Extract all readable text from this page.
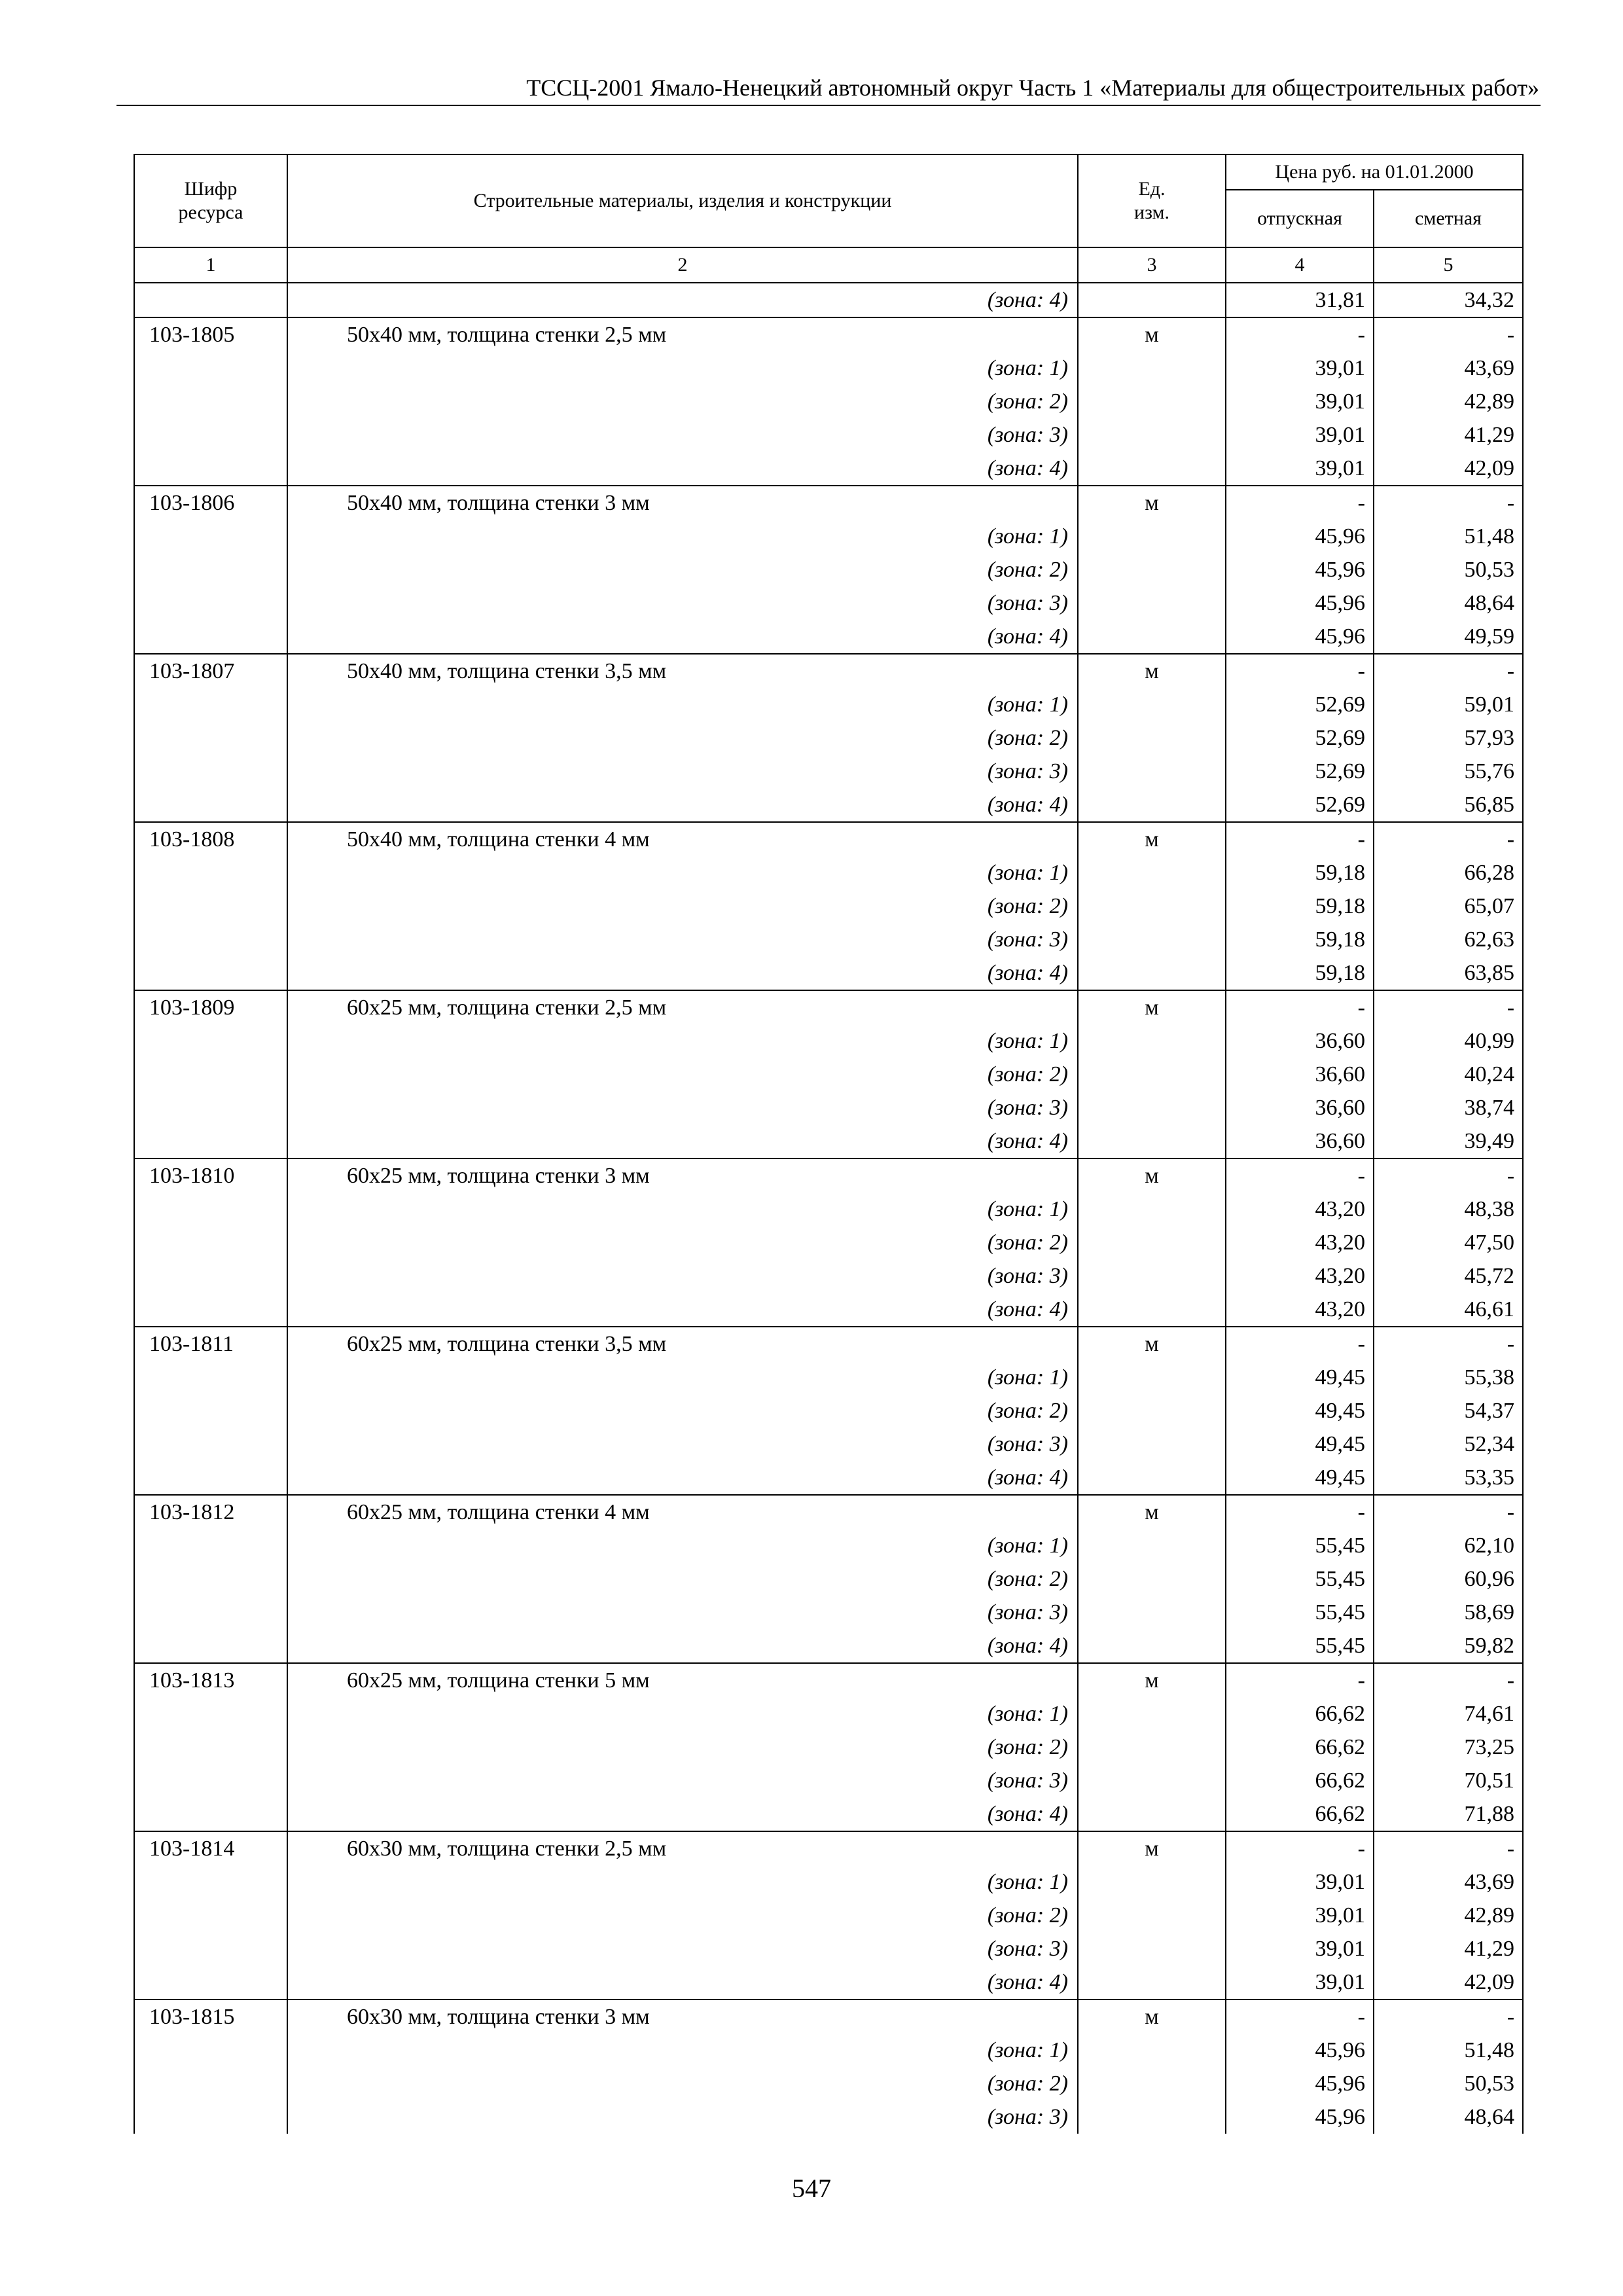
ТССЦ-2001 Ямало-Ненецкий автономный округ Часть 1 «Материалы для общестроительных работ»
Шифр ресурса	Строительные материалы, изделия и конструкции	Ед. изм.	Цена руб. на 01.01.2000	
			отпускная	сметная
1	2	3	4	5
	(зона: 4)		31,81	34,32
103-1805	50х40 мм, толщина стенки 2,5 мм	м	-	-
	(зона: 1)		39,01	43,69
	(зона: 2)		39,01	42,89
	(зона: 3)		39,01	41,29
	(зона: 4)		39,01	42,09
103-1806	50х40 мм, толщина стенки 3 мм	м	-	-
	(зона: 1)		45,96	51,48
	(зона: 2)		45,96	50,53
	(зона: 3)		45,96	48,64
	(зона: 4)		45,96	49,59
103-1807	50х40 мм, толщина стенки 3,5 мм	м	-	-
	(зона: 1)		52,69	59,01
	(зона: 2)		52,69	57,93
	(зона: 3)		52,69	55,76
	(зона: 4)		52,69	56,85
103-1808	50х40 мм, толщина стенки 4 мм	м	-	-
	(зона: 1)		59,18	66,28
	(зона: 2)		59,18	65,07
	(зона: 3)		59,18	62,63
	(зона: 4)		59,18	63,85
103-1809	60х25 мм, толщина стенки 2,5 мм	м	-	-
	(зона: 1)		36,60	40,99
	(зона: 2)		36,60	40,24
	(зона: 3)		36,60	38,74
	(зона: 4)		36,60	39,49
103-1810	60х25 мм, толщина стенки 3 мм	м	-	-
	(зона: 1)		43,20	48,38
	(зона: 2)		43,20	47,50
	(зона: 3)		43,20	45,72
	(зона: 4)		43,20	46,61
103-1811	60х25 мм, толщина стенки 3,5 мм	м	-	-
	(зона: 1)		49,45	55,38
	(зона: 2)		49,45	54,37
	(зона: 3)		49,45	52,34
	(зона: 4)		49,45	53,35
103-1812	60х25 мм, толщина стенки 4 мм	м	-	-
	(зона: 1)		55,45	62,10
	(зона: 2)		55,45	60,96
	(зона: 3)		55,45	58,69
	(зона: 4)		55,45	59,82
103-1813	60х25 мм, толщина стенки 5 мм	м	-	-
	(зона: 1)		66,62	74,61
	(зона: 2)		66,62	73,25
	(зона: 3)		66,62	70,51
	(зона: 4)		66,62	71,88
103-1814	60х30 мм, толщина стенки 2,5 мм	м	-	-
	(зона: 1)		39,01	43,69
	(зона: 2)		39,01	42,89
	(зона: 3)		39,01	41,29
	(зона: 4)		39,01	42,09
103-1815	60х30 мм, толщина стенки 3 мм	м	-	-
	(зона: 1)		45,96	51,48
	(зона: 2)		45,96	50,53
	(зона: 3)		45,96	48,64
547
